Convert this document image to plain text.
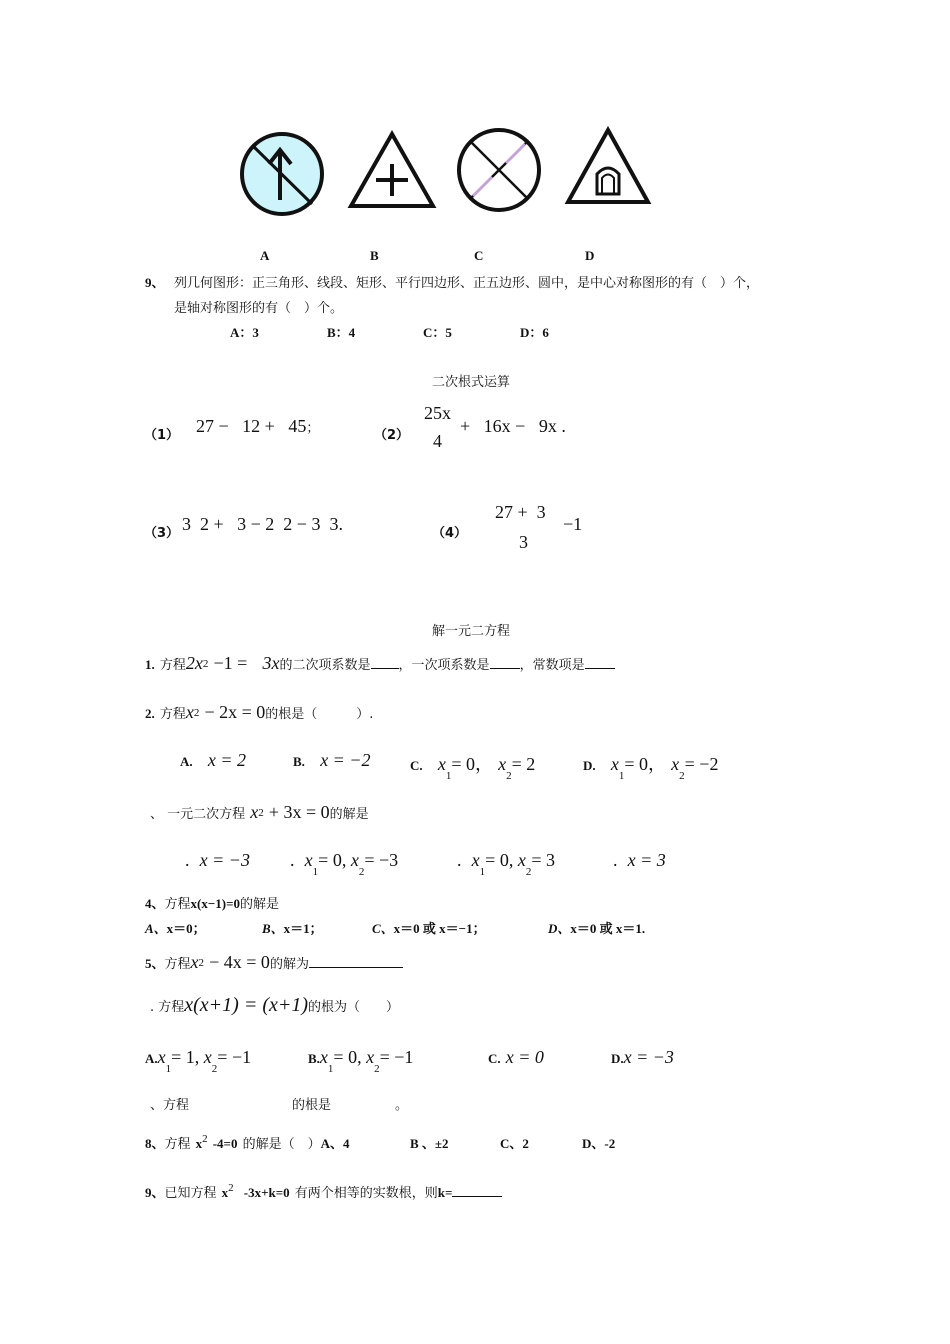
A	B	C	D
9、 列几何图形：正三角形、线段、矩形、平行四边形、正五边形、圆中，是中心对称图形的有（　）个，
是轴对称图形的有（　）个。
A：3	B：4	C：5	D：6
二次根式运算
（1） 27 − 12 + 45；	（2）
25x
4
+ 16x − 9x .
（3） 3  2 +   3 − 2  2 − 3  3.	（4）
27 +  3
3
−1
解一元二方程
1. 方程2x2 −1 = 3x的二次项系数是 ，一次项系数是 ，常数项是
2. 方程x2 − 2x = 0的根是（　　　）.
A. x = 2	B. x = −2	C. $x_1= 0$， $x_2= 2$	D. $x_1= 0$， $x_2= -2$
、 一元二次方程 x2 + 3x = 0的解是
. x = −3 . $x_1= 0$, $x_2= -3$	. $x_1= 0$, $x_2= 3$	. x = 3
4、方程x(x−1)=0的解是
A、x＝0；	B、x＝1；	C、x＝0 或 x＝−1；	D、x＝0 或 x＝1.
5、方程x2 − 4x = 0的解为
. 方程x(x+1) = (x+1)的根为（　　）
$A.x_1= 1$, $x_2= -1$	$B.x_1= 0$, $x_2= -1$	C. x = 0	D.x = −3
、方程	的根是	。
8、方程 $x^2$ -4=0 的解是（　）A、4	B 、±2	C、2	D、-2
9、已知方程 $x^2$ -3x+k=0 有两个相等的实数根，则k=
